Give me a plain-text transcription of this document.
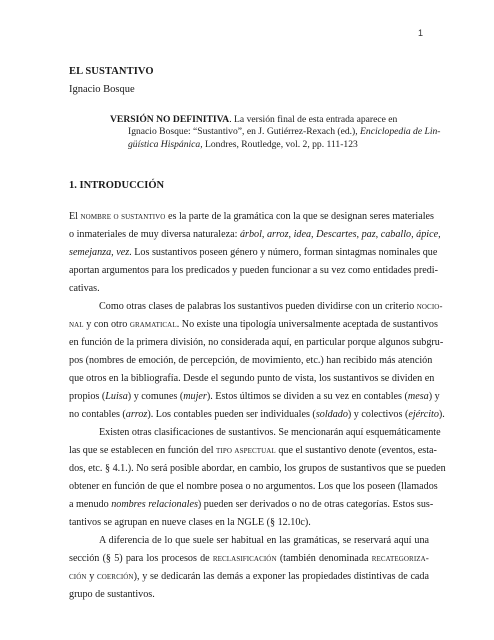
1
EL SUSTANTIVO
Ignacio Bosque
VERSIÓN NO DEFINITIVA. La versión final de esta entrada aparece en
Ignacio Bosque: “Sustantivo”, en J. Gutiérrez-Rexach (ed.), Enciclopedia de Lin-
güística Hispánica, Londres, Routledge, vol. 2, pp. 111-123
1. INTRODUCCIÓN
El nombre o sustantivo es la parte de la gramática con la que se designan seres materiales
o inmateriales de muy diversa naturaleza: árbol, arroz, idea, Descartes, paz, caballo, ápice,
semejanza, vez. Los sustantivos poseen género y número, forman sintagmas nominales que
aportan argumentos para los predicados y pueden funcionar a su vez como entidades predi-
cativas.
Como otras clases de palabras los sustantivos pueden dividirse con un criterio nocio-
nal y con otro gramatical. No existe una tipología universalmente aceptada de sustantivos
en función de la primera división, no considerada aquí, en particular porque algunos subgru-
pos (nombres de emoción, de percepción, de movimiento, etc.) han recibido más atención
que otros en la bibliografía. Desde el segundo punto de vista, los sustantivos se dividen en
propios (Luisa) y comunes (mujer). Estos últimos se dividen a su vez en contables (mesa) y
no contables (arroz). Los contables pueden ser individuales (soldado) y colectivos (ejército).
Existen otras clasificaciones de sustantivos. Se mencionarán aquí esquemáticamente
las que se establecen en función del tipo aspectual que el sustantivo denote (eventos, esta-
dos, etc. § 4.1.). No será posible abordar, en cambio, los grupos de sustantivos que se pueden
obtener en función de que el nombre posea o no argumentos. Los que los poseen (llamados
a menudo nombres relacionales) pueden ser derivados o no de otras categorías. Estos sus-
tantivos se agrupan en nueve clases en la NGLE (§ 12.10c).
A diferencia de lo que suele ser habitual en las gramáticas, se reservará aquí una
sección (§ 5) para los procesos de reclasificación (también denominada recategoriza-
ción y coerción), y se dedicarán las demás a exponer las propiedades distintivas de cada
grupo de sustantivos.
